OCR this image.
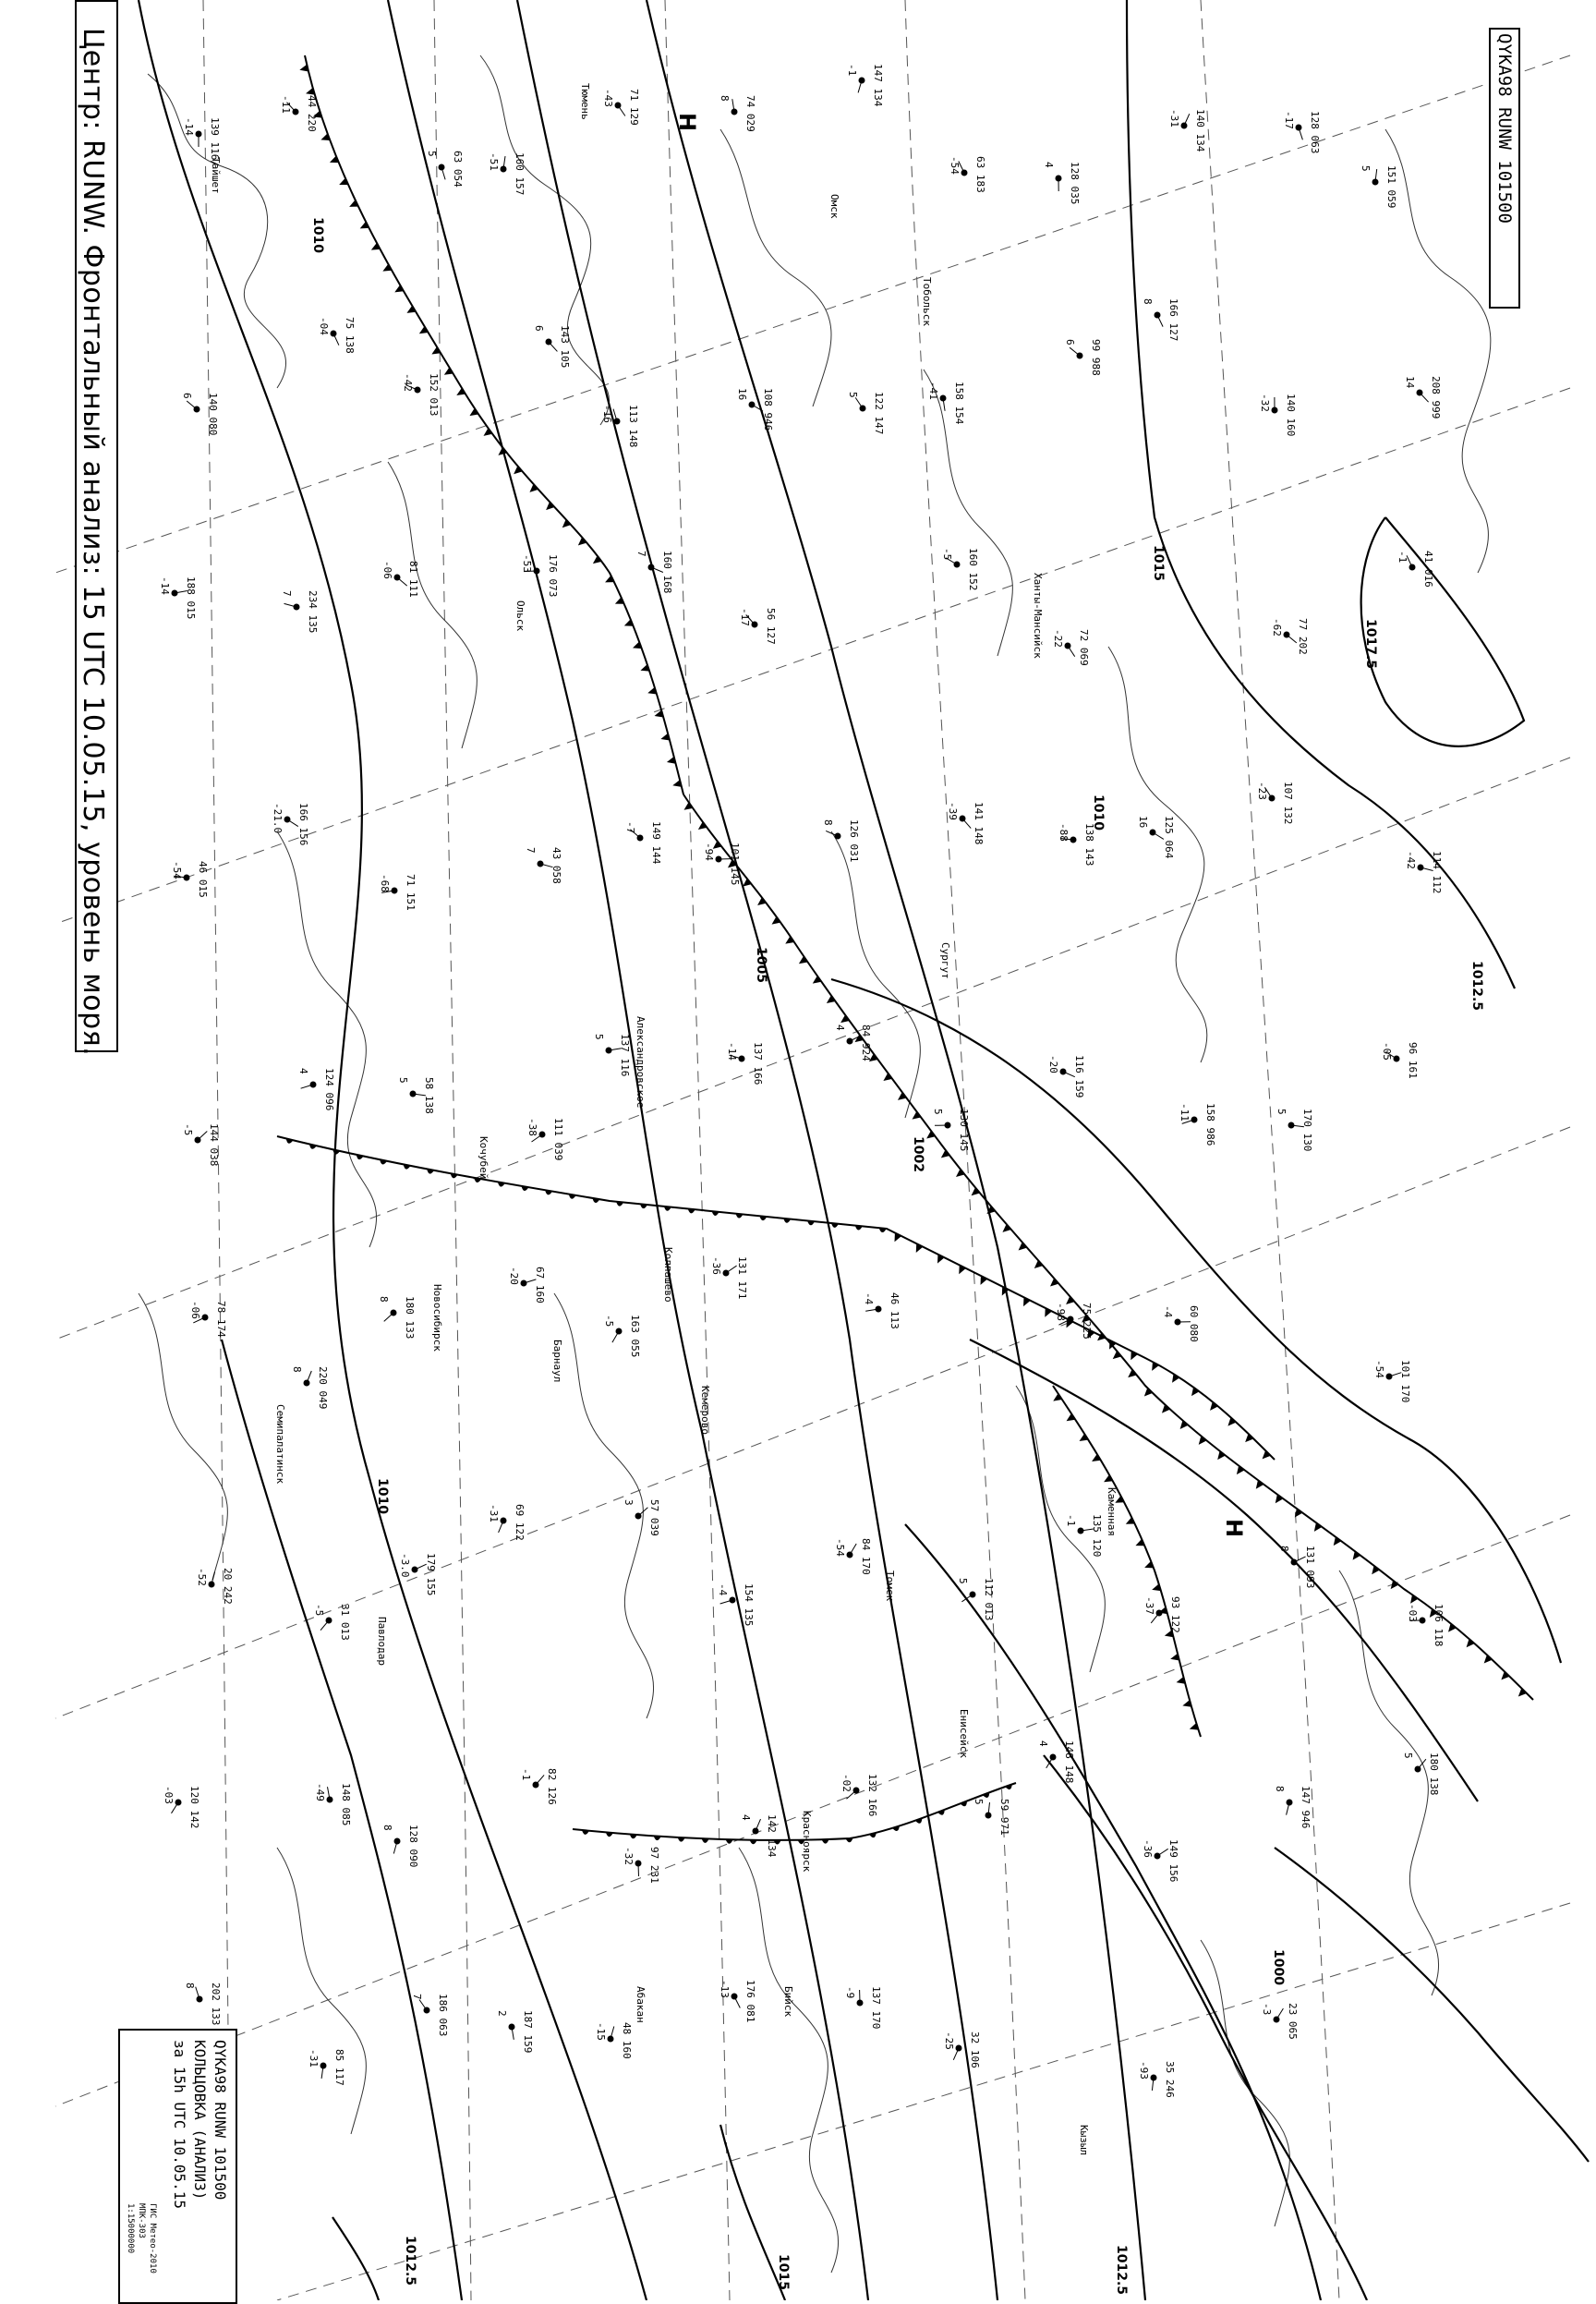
1010
1015
1017.5
1012.5
1005
1002
1010
1012.5
1000
1015
1012.5
1010
139 116/
-14
166 156
-21.0
179 155
-3.0
160 157
-51
149 144
-7
154 135
-4
147 134
-1
141 148
-39
135 120
-1
140 134
-31
107 132
-23
106 118
-03
120 142
-03
75 138
-04
58 138
5
82 126
-1
113 148
-16
137 166
-14
132 166
-02
158 154
-41
116 159
-20
149 156
-36
140 160
-32
96 161
-05
78 174
-06
85 117
-31
81 111
-06
67 160
-20
48 160
-15
56 127
-17
46 113
-4
32 106
-25
72 069
-22
60 080
-4
23 065
-3
41 016
-1
46 015
-54
31 013
-5
63 054
5
43 058
7
57 039
3
74 029
8
126 031
8
112 013
5
128 035
4
125 064
16
131 093
8
151 059
5
140 080
6
124 096
4
128 090
8
143 105
6
137 116
5
142 134
4
122 147
5
130 145
5
148 148
4
166 127
8
170 130
5
180 138
5
202 133
8
234 135
7
180 133
8
187 159
2
160 168
7
131 171
-36
137 170
-9
160 152
-5
75 225
-98
35 246
-93
77 202
-62
101 170
-54
20 242
-52
44 220
-11
71 151
-68
69 122
-31
71 129
-43
101 145
-94
84 170
-54
63 183
-54
138 143
-88
93 122
-37
128 063
-17
114 112
-42
144 038
-5
148 085
-49
152 013
-42
111 039
-38
97 231
-32
108 946
16
84 924
4
59 971
5
99 988
6
158 986
-11
147 946
8
208 999
14
188 015
-14
220 049
8
186 063
7
176 073
-53
163 055
-5
176 081
-13
Тайшет
Ольск
Кочубей
Колпашево
Александровское
Ханты-Мансийск
Тобольск
Сургут
Тюмень
Омск
Новосибирск
Барнаул
Кемерово
Павлодар
Семипалатинск
Томск
Каменная
Енисейск
Красноярск
Бийск
Кызыл
Абакан
Н
Н
Центр: RUNW. Фронтальный анализ: 15 UTC 10.05.15, уровень моря.	QYKA98 RUNW 101500
QYKA98 RUNW 101500
КОЛЬЦОВКА (АНАЛИЗ)
за 15h UTC 10.05.15
ГИС Метео-2010
МПК-303
1:15000000
